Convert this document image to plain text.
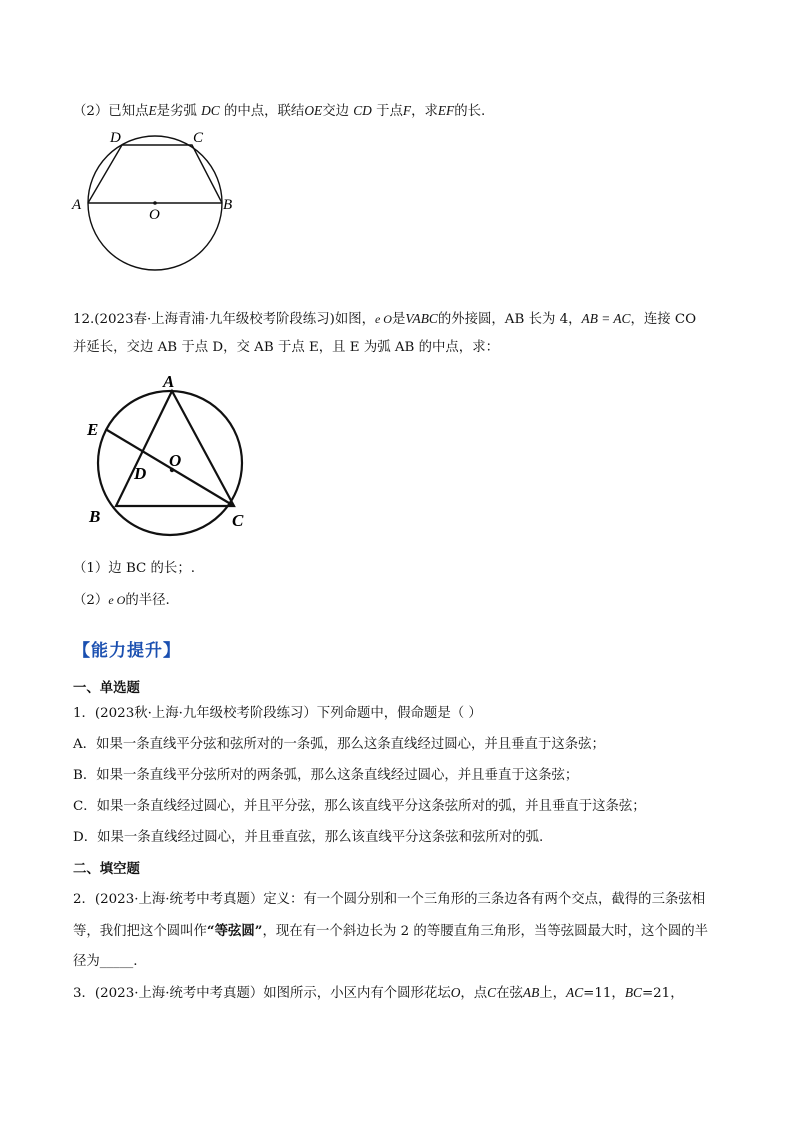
（2）已知点E是劣弧 DC 的中点，联结OE交边 CD 于点F，求EF的长.
D	C
A	B
O
12.(2023春·上海青浦·九年级校考阶段练习)如图，e O是VABC的外接圆，AB 长为 4，AB = AC，连接 CO
并延长，交边 AB 于点 D，交 AB 于点 E，且 E 为弧 AB 的中点，求：
A
E
O
D
B	C
（1）边 BC 的长；.
（2）e O的半径.
【能力提升】
一、单选题
1．(2023秋·上海·九年级校考阶段练习）下列命题中，假命题是（ ）
A．如果一条直线平分弦和弦所对的一条弧，那么这条直线经过圆心，并且垂直于这条弦；
B．如果一条直线平分弦所对的两条弧，那么这条直线经过圆心，并且垂直于这条弦；
C．如果一条直线经过圆心，并且平分弦，那么该直线平分这条弦所对的弧，并且垂直于这条弦；
D．如果一条直线经过圆心，并且垂直弦，那么该直线平分这条弦和弦所对的弧.
二、填空题
2．(2023·上海·统考中考真题）定义：有一个圆分别和一个三角形的三条边各有两个交点，截得的三条弦相
等，我们把这个圆叫作“等弦圆”，现在有一个斜边长为 2 的等腰直角三角形，当等弦圆最大时，这个圆的半
径为_____.
3．(2023·上海·统考中考真题）如图所示，小区内有个圆形花坛O，点C在弦AB上，AC=11，BC=21，
